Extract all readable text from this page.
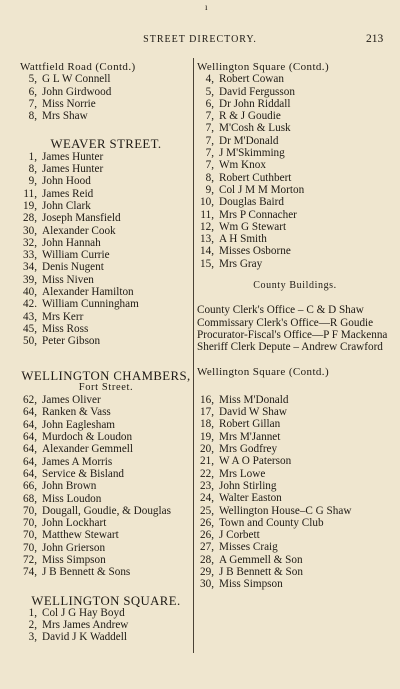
ı
STREET DIRECTORY.	213
Wattfield Road (Contd.)
5, G L W Connell
6, John Girdwood
7, Miss Norrie
8, Mrs Shaw
WEAVER STREET.
1, James Hunter
8, James Hunter
9, John Hood
11, James Reid
19, John Clark
28, Joseph Mansfield
30, Alexander Cook
32, John Hannah
33, William Currie
34, Denis Nugent
39, Miss Niven
40, Alexander Hamilton
42. William Cunningham
43, Mrs Kerr
45, Miss Ross
50, Peter Gibson
WELLINGTON CHAMBERS,
Fort Street.
62, James Oliver
64, Ranken & Vass
64, John Eaglesham
64, Murdoch & Loudon
64, Alexander Gemmell
64, James A Morris
64, Service & Bisland
66, John Brown
68, Miss Loudon
70, Dougall, Goudie, & Douglas
70, John Lockhart
70, Matthew Stewart
70, John Grierson
72, Miss Simpson
74, J B Bennett & Sons
WELLINGTON SQUARE.
1, Col J G Hay Boyd
2, Mrs James Andrew
3, David J K Waddell
Wellington Square (Contd.)
4, Robert Cowan
5, David Fergusson
6, Dr John Riddall
7, R & J Goudie
7, M'Cosh & Lusk
7, Dr M'Donald
7, J M'Skimming
7, Wm Knox
8, Robert Cuthbert
9, Col J M M Morton
10, Douglas Baird
11, Mrs P Connacher
12, Wm G Stewart
13, A H Smith
14, Misses Osborne
15, Mrs Gray
County Buildings.
County Clerk's Office – C & D Shaw
Commissary Clerk's Office—R Goudie
Procurator-Fiscal's Office—P F Mackenna
Sheriff Clerk Depute – Andrew Crawford
Wellington Square (Contd.)
16, Miss M'Donald
17, David W Shaw
18, Robert Gillan
19, Mrs M'Jannet
20, Mrs Godfrey
21, W A O Paterson
22, Mrs Lowe
23, John Stirling
24, Walter Easton
25, Wellington House–C G Shaw
26, Town and County Club
26, J Corbett
27, Misses Craig
28, A Gemmell & Son
29, J B Bennett & Son
30, Miss Simpson
